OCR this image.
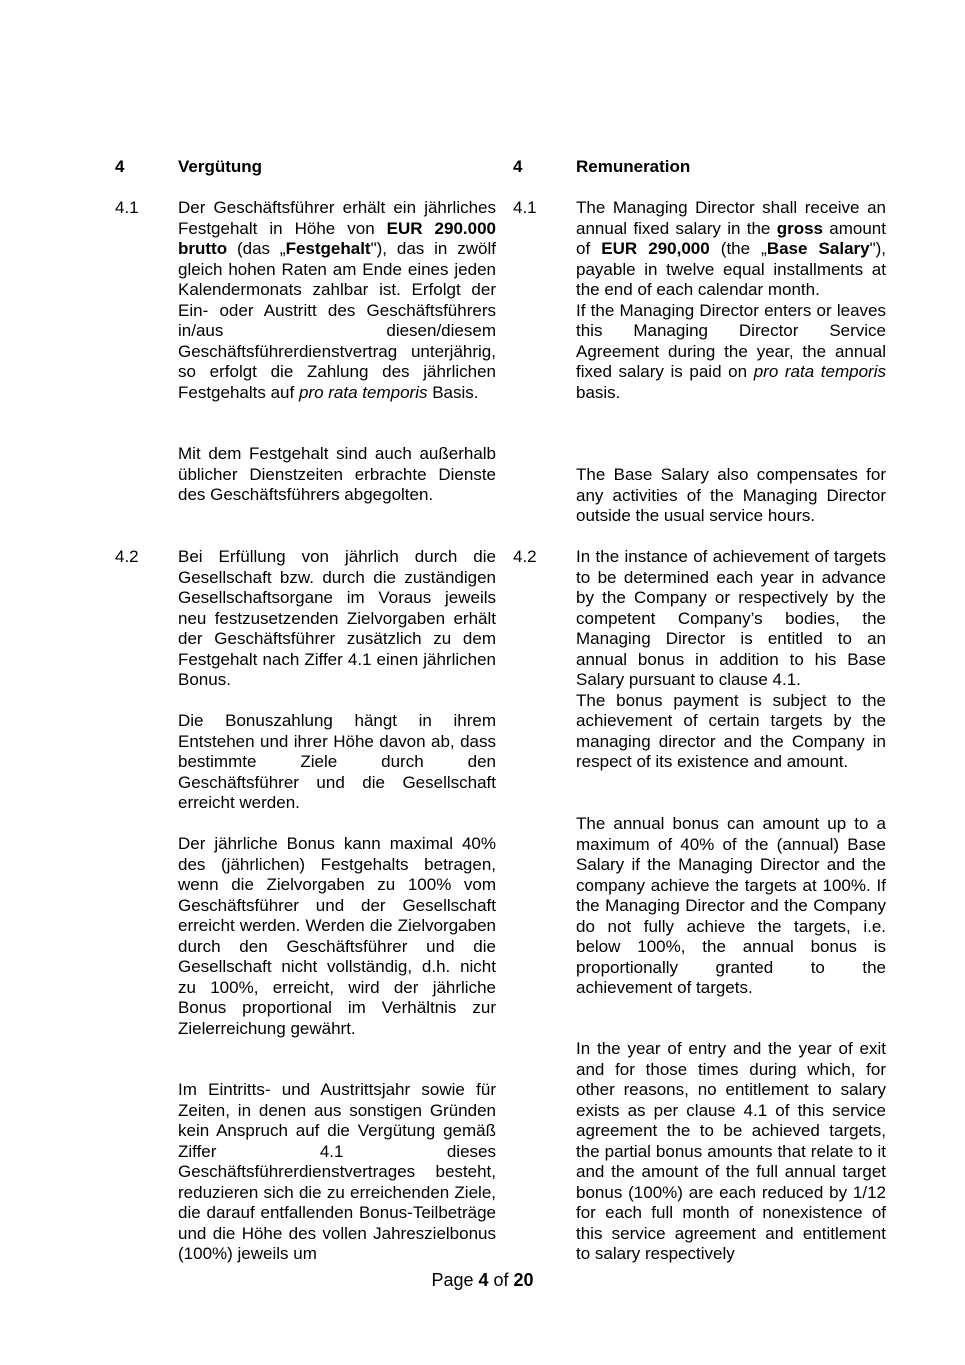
4	Vergütung
4.1 Der Geschäftsführer erhält ein jährliches Festgehalt in Höhe von EUR 290.000 brutto (das „Festgehalt"), das in zwölf gleich hohen Raten am Ende eines jeden Kalendermonats zahlbar ist. Erfolgt der Ein- oder Austritt des Geschäftsführers in/aus diesen/diesem Geschäftsführerdienstvertrag unterjährig, so erfolgt die Zahlung des jährlichen Festgehalts auf pro rata temporis Basis.

Mit dem Festgehalt sind auch außerhalb üblicher Dienstzeiten erbrachte Dienste des Geschäftsführers abgegolten.

4.2 Bei Erfüllung von jährlich durch die Gesellschaft bzw. durch die zuständigen Gesellschaftsorgane im Voraus jeweils neu festzusetzenden Zielvorgaben erhält der Geschäftsführer zusätzlich zu dem Festgehalt nach Ziffer 4.1 einen jährlichen Bonus.

Die Bonuszahlung hängt in ihrem Entstehen und ihrer Höhe davon ab, dass bestimmte Ziele durch den Geschäftsführer und die Gesellschaft erreicht werden.

Der jährliche Bonus kann maximal 40% des (jährlichen) Festgehalts betragen, wenn die Zielvorgaben zu 100% vom Geschäftsführer und der Gesellschaft erreicht werden. Werden die Zielvorgaben durch den Geschäftsführer und die Gesellschaft nicht vollständig, d.h. nicht zu 100%, erreicht, wird der jährliche Bonus proportional im Verhältnis zur Zielerreichung gewährt.

Im Eintritts- und Austrittsjahr sowie für Zeiten, in denen aus sonstigen Gründen kein Anspruch auf die Vergütung gemäß Ziffer 4.1 dieses Geschäftsführerdienstvertrages besteht, reduzieren sich die zu erreichenden Ziele, die darauf entfallenden Bonus-Teilbeträge und die Höhe des vollen Jahreszielbonus (100%) jeweils um

4	Remuneration
4.1 The Managing Director shall receive an annual fixed salary in the gross amount of EUR 290,000 (the „Base Salary"), payable in twelve equal installments at the end of each calendar month.

If the Managing Director enters or leaves this Managing Director Service Agreement during the year, the annual fixed salary is paid on pro rata temporis basis.

The Base Salary also compensates for any activities of the Managing Director outside the usual service hours.

4.2 In the instance of achievement of targets to be determined each year in advance by the Company or respectively by the competent Company’s bodies, the Managing Director is entitled to an annual bonus in addition to his Base Salary pursuant to clause 4.1.

The bonus payment is subject to the achievement of certain targets by the managing director and the Company in respect of its existence and amount.

The annual bonus can amount up to a maximum of 40% of the (annual) Base Salary if the Managing Director and the company achieve the targets at 100%. If the Managing Director and the Company do not fully achieve the targets, i.e. below 100%, the annual bonus is proportionally granted to the achievement of targets.

In the year of entry and the year of exit and for those times during which, for other reasons, no entitlement to salary exists as per clause 4.1 of this service agreement the to be achieved targets, the partial bonus amounts that relate to it and the amount of the full annual target bonus (100%) are each reduced by 1/12 for each full month of nonexistence of this service agreement and entitlement to salary respectively

Page 4 of 20
